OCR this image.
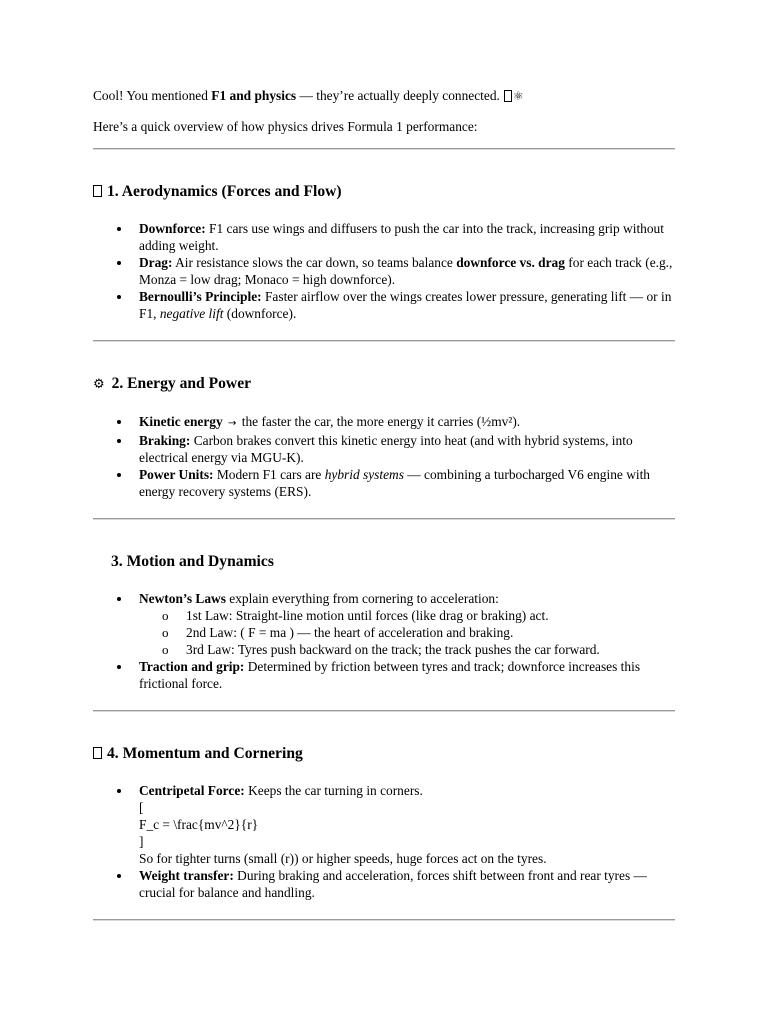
Cool! You mentioned F1 and physics — they’re actually deeply connected. ⚛

Here’s a quick overview of how physics drives Formula 1 performance:

1. Aerodynamics (Forces and Flow)
Downforce: F1 cars use wings and diffusers to push the car into the track, increasing grip without adding weight.
Drag: Air resistance slows the car down, so teams balance downforce vs. drag for each track (e.g., Monza = low drag; Monaco = high downforce).
Bernoulli’s Principle: Faster airflow over the wings creates lower pressure, generating lift — or in F1, negative lift (downforce).
⚙ 2. Energy and Power
Kinetic energy → the faster the car, the more energy it carries (½mv²).
Braking: Carbon brakes convert this kinetic energy into heat (and with hybrid systems, into electrical energy via MGU-K).
Power Units: Modern F1 cars are hybrid systems — combining a turbocharged V6 engine with energy recovery systems (ERS).
3. Motion and Dynamics
Newton’s Laws explain everything from cornering to acceleration:
o 1st Law: Straight-line motion until forces (like drag or braking) act.
o 2nd Law: ( F = ma ) — the heart of acceleration and braking.
o 3rd Law: Tyres push backward on the track; the track pushes the car forward.
Traction and grip: Determined by friction between tyres and track; downforce increases this frictional force.
4. Momentum and Cornering
Centripetal Force: Keeps the car turning in corners.
[
F_c = \frac{mv^2}{r}
]
So for tighter turns (small (r)) or higher speeds, huge forces act on the tyres.
Weight transfer: During braking and acceleration, forces shift between front and rear tyres — crucial for balance and handling.
